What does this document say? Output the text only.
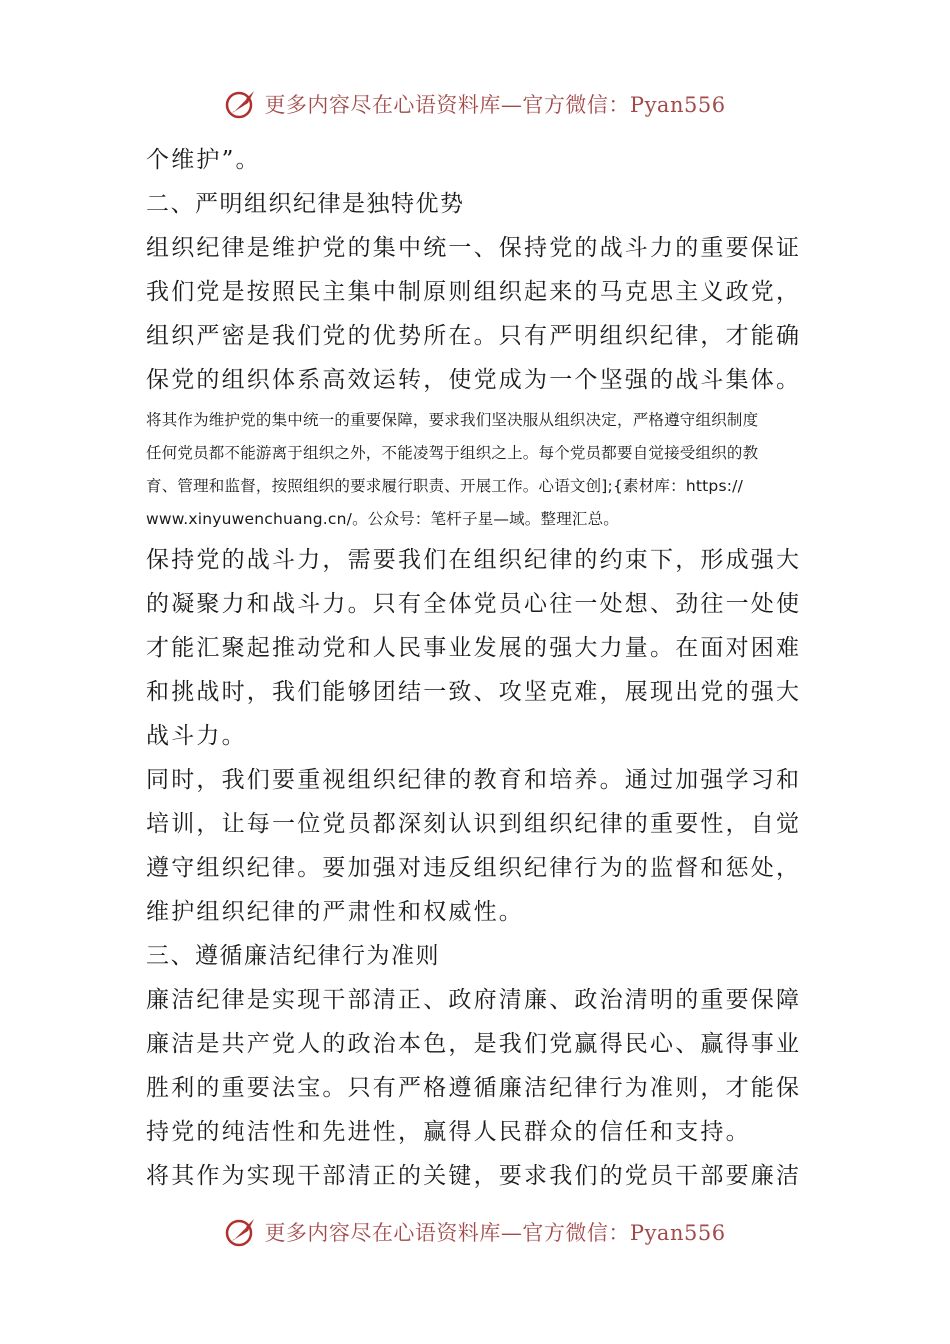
更多内容尽在心语资料库—官方微信：Pyan556
个维护”。
二、严明组织纪律是独特优势
组织纪律是维护党的集中统一、保持党的战斗力的重要保证
我们党是按照民主集中制原则组织起来的马克思主义政党，
组织严密是我们党的优势所在。只有严明组织纪律，才能确
保党的组织体系高效运转，使党成为一个坚强的战斗集体。
将其作为维护党的集中统一的重要保障，要求我们坚决服从组织决定，严格遵守组织制度
任何党员都不能游离于组织之外，不能凌驾于组织之上。每个党员都要自觉接受组织的教
育、管理和监督，按照组织的要求履行职责、开展工作。心语文创];{素材库：https://
www.xinyuwenchuang.cn/。公众号：笔杆子星—域。整理汇总。
保持党的战斗力，需要我们在组织纪律的约束下，形成强大
的凝聚力和战斗力。只有全体党员心往一处想、劲往一处使
才能汇聚起推动党和人民事业发展的强大力量。在面对困难
和挑战时，我们能够团结一致、攻坚克难，展现出党的强大
战斗力。
同时，我们要重视组织纪律的教育和培养。通过加强学习和
培训，让每一位党员都深刻认识到组织纪律的重要性，自觉
遵守组织纪律。要加强对违反组织纪律行为的监督和惩处，
维护组织纪律的严肃性和权威性。
三、遵循廉洁纪律行为准则
廉洁纪律是实现干部清正、政府清廉、政治清明的重要保障
廉洁是共产党人的政治本色，是我们党赢得民心、赢得事业
胜利的重要法宝。只有严格遵循廉洁纪律行为准则，才能保
持党的纯洁性和先进性，赢得人民群众的信任和支持。
将其作为实现干部清正的关键，要求我们的党员干部要廉洁
更多内容尽在心语资料库—官方微信：Pyan556
